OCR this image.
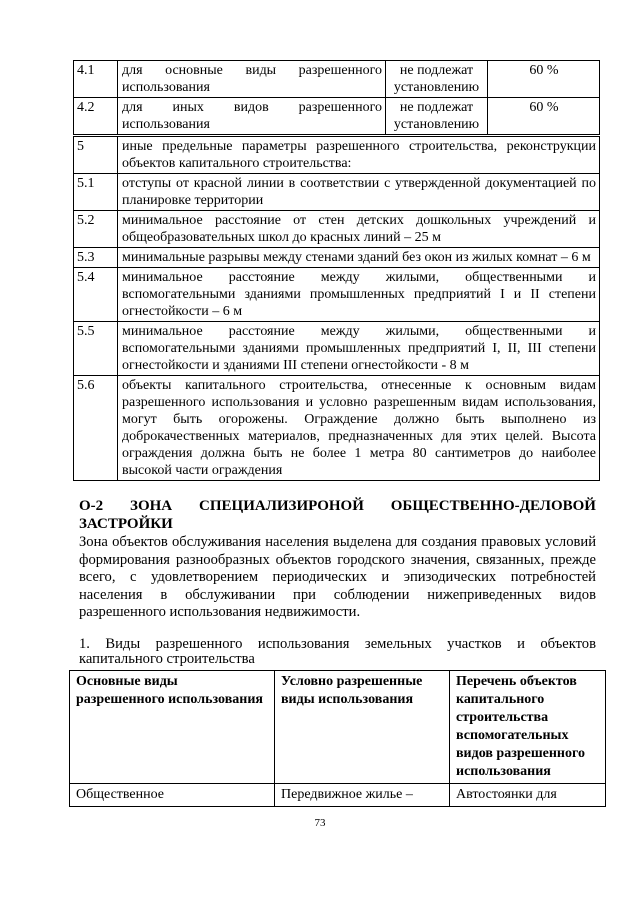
4.1	для основные виды разрешенного использования	не подлежат установлению	60 %
4.2	для иных видов разрешенного использования	не подлежат установлению	60 %
5	иные предельные параметры разрешенного строительства, реконструкции объектов капитального строительства:		
5.1	отступы от красной линии в соответствии с утвержденной документацией по планировке территории		
5.2	минимальное расстояние от стен детских дошкольных учреждений и общеобразовательных школ до красных линий – 25 м		
5.3	минимальные разрывы между стенами зданий без окон из жилых комнат – 6 м		
5.4	минимальное расстояние между жилыми, общественными и вспомогательными зданиями промышленных предприятий I и II степени огнестойкости – 6 м		
5.5	минимальное расстояние между жилыми, общественными и вспомогательными зданиями промышленных предприятий I, II, III степени огнестойкости и зданиями III степени огнестойкости - 8 м		
5.6	объекты капитального строительства, отнесенные к основным видам разрешенного использования и условно разрешенным видам использования, могут быть огорожены. Ограждение должно быть выполнено из доброкачественных материалов, предназначенных для этих целей. Высота ограждения должна быть не более 1 метра 80 сантиметров до наиболее высокой части ограждения		
О-2 ЗОНА СПЕЦИАЛИЗИРОНОЙ ОБЩЕСТВЕННО-ДЕЛОВОЙ
ЗАСТРОЙКИ

Зона объектов обслуживания населения выделена для создания правовых условий формирования разнообразных объектов городского значения, связанных, прежде всего, с удовлетворением периодических и эпизодических потребностей населения в обслуживании при соблюдении нижеприведенных видов разрешенного использования недвижимости.

1. Виды разрешенного использования земельных участков и объектов капитального строительства

Основные виды разрешенного использования	Условно разрешенные виды использования	Перечень объектов капитального строительства вспомогательных видов разрешенного использования
Общественное	Передвижное жилье –	Автостоянки для
73
